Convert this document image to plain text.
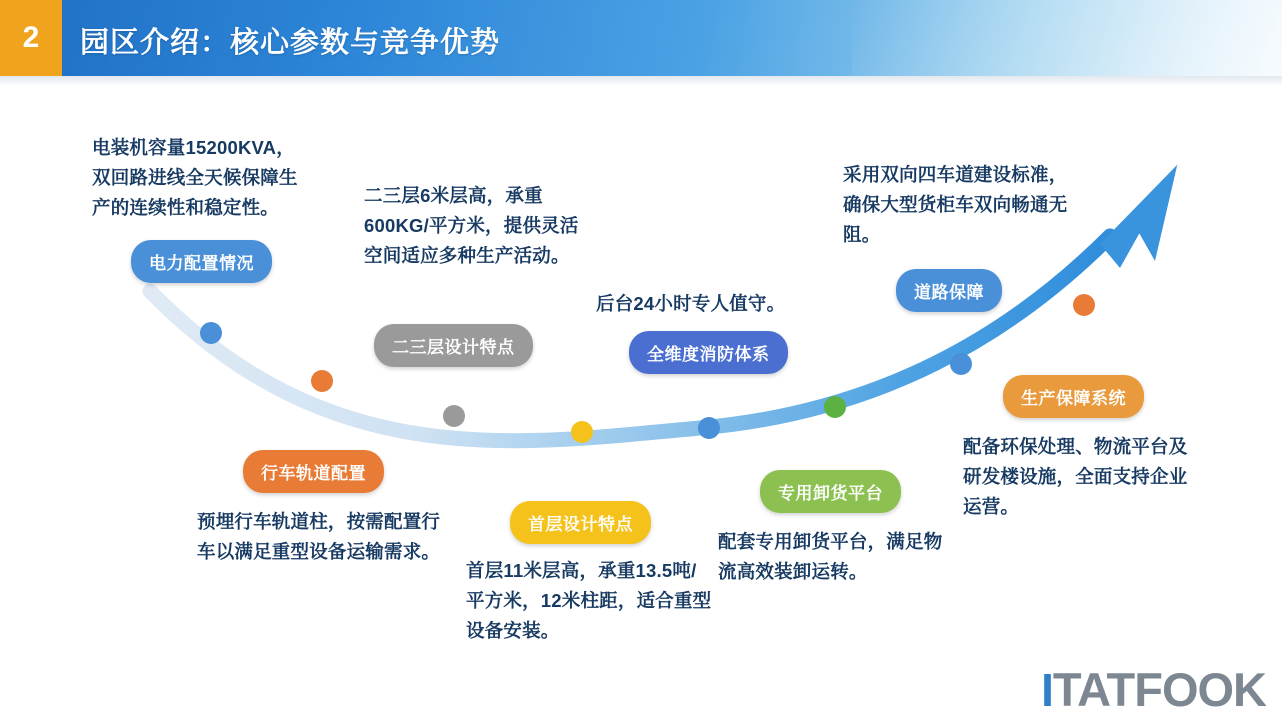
2 园区介绍：核心参数与竞争优势
电装机容量15200KVA，双回路进线全天候保障生产的连续性和稳定性。
电力配置情况
行车轨道配置
预埋行车轨道柱，按需配置行车以满足重型设备运输需求。
二三层6米层高，承重600KG/平方米，提供灵活空间适应多种生产活动。
二三层设计特点
首层设计特点
首层11米层高，承重13.5吨/平方米，12米柱距，适合重型设备安装。
后台24小时专人值守。
全维度消防体系
专用卸货平台
配套专用卸货平台，满足物流高效装卸运转。
采用双向四车道建设标准，确保大型货柜车双向畅通无阻。
道路保障
生产保障系统
配备环保处理、物流平台及研发楼设施，全面支持企业运营。
I TATFOOK
